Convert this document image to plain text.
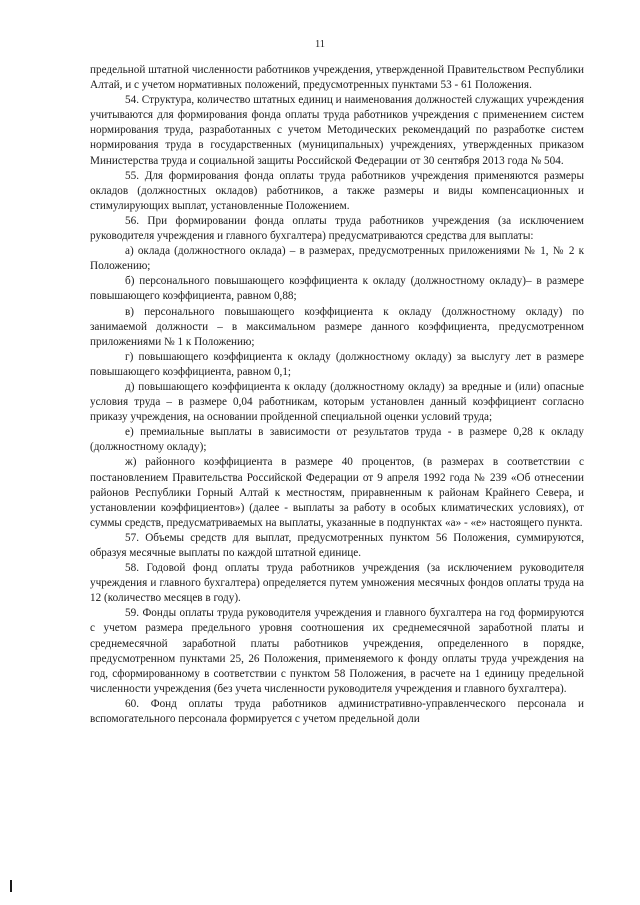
11

предельной штатной численности работников учреждения, утвержденной Правительством Республики Алтай, и с учетом нормативных положений, предусмотренных пунктами 53 - 61 Положения.

54. Структура, количество штатных единиц и наименования должностей служащих учреждения учитываются для формирования фонда оплаты труда работников учреждения с применением систем нормирования труда, разработанных с учетом Методических рекомендаций по разработке систем нормирования труда в государственных (муниципальных) учреждениях, утвержденных приказом Министерства труда и социальной защиты Российской Федерации от 30 сентября 2013 года № 504.

55. Для формирования фонда оплаты труда работников учреждения применяются размеры окладов (должностных окладов) работников, а также размеры и виды компенсационных и стимулирующих выплат, установленные Положением.

56. При формировании фонда оплаты труда работников учреждения (за исключением руководителя учреждения и главного бухгалтера) предусматриваются средства для выплаты:

а) оклада (должностного оклада) – в размерах, предусмотренных приложениями № 1, № 2 к Положению;

б) персонального повышающего коэффициента к окладу (должностному окладу)– в размере повышающего коэффициента, равном 0,88;

в) персонального повышающего коэффициента к окладу (должностному окладу) по занимаемой должности – в максимальном размере данного коэффициента, предусмотренном приложениями № 1 к Положению;

г) повышающего коэффициента к окладу (должностному окладу) за выслугу лет в размере повышающего коэффициента, равном 0,1;

д) повышающего коэффициента к окладу (должностному окладу) за вредные и (или) опасные условия труда – в размере 0,04 работникам, которым установлен данный коэффициент согласно приказу учреждения, на основании пройденной специальной оценки условий труда;

е) премиальные выплаты в зависимости от результатов труда - в размере 0,28 к окладу (должностному окладу);

ж) районного коэффициента в размере 40 процентов, (в размерах в соответствии с постановлением Правительства Российской Федерации от 9 апреля 1992 года № 239 «Об отнесении районов Республики Горный Алтай к местностям, приравненным к районам Крайнего Севера, и установлении коэффициентов») (далее - выплаты за работу в особых климатических условиях), от суммы средств, предусматриваемых на выплаты, указанные в подпунктах «а» - «е» настоящего пункта.

57. Объемы средств для выплат, предусмотренных пунктом 56 Положения, суммируются, образуя месячные выплаты по каждой штатной единице.

58. Годовой фонд оплаты труда работников учреждения (за исключением руководителя учреждения и главного бухгалтера) определяется путем умножения месячных фондов оплаты труда на 12 (количество месяцев в году).

59. Фонды оплаты труда руководителя учреждения и главного бухгалтера на год формируются с учетом размера предельного уровня соотношения их среднемесячной заработной платы и среднемесячной заработной платы работников учреждения, определенного в порядке, предусмотренном пунктами 25, 26 Положения, применяемого к фонду оплаты труда учреждения на год, сформированному в соответствии с пунктом 58 Положения, в расчете на 1 единицу предельной численности учреждения (без учета численности руководителя учреждения и главного бухгалтера).

60. Фонд оплаты труда работников административно-управленческого персонала и вспомогательного персонала формируется с учетом предельной доли
